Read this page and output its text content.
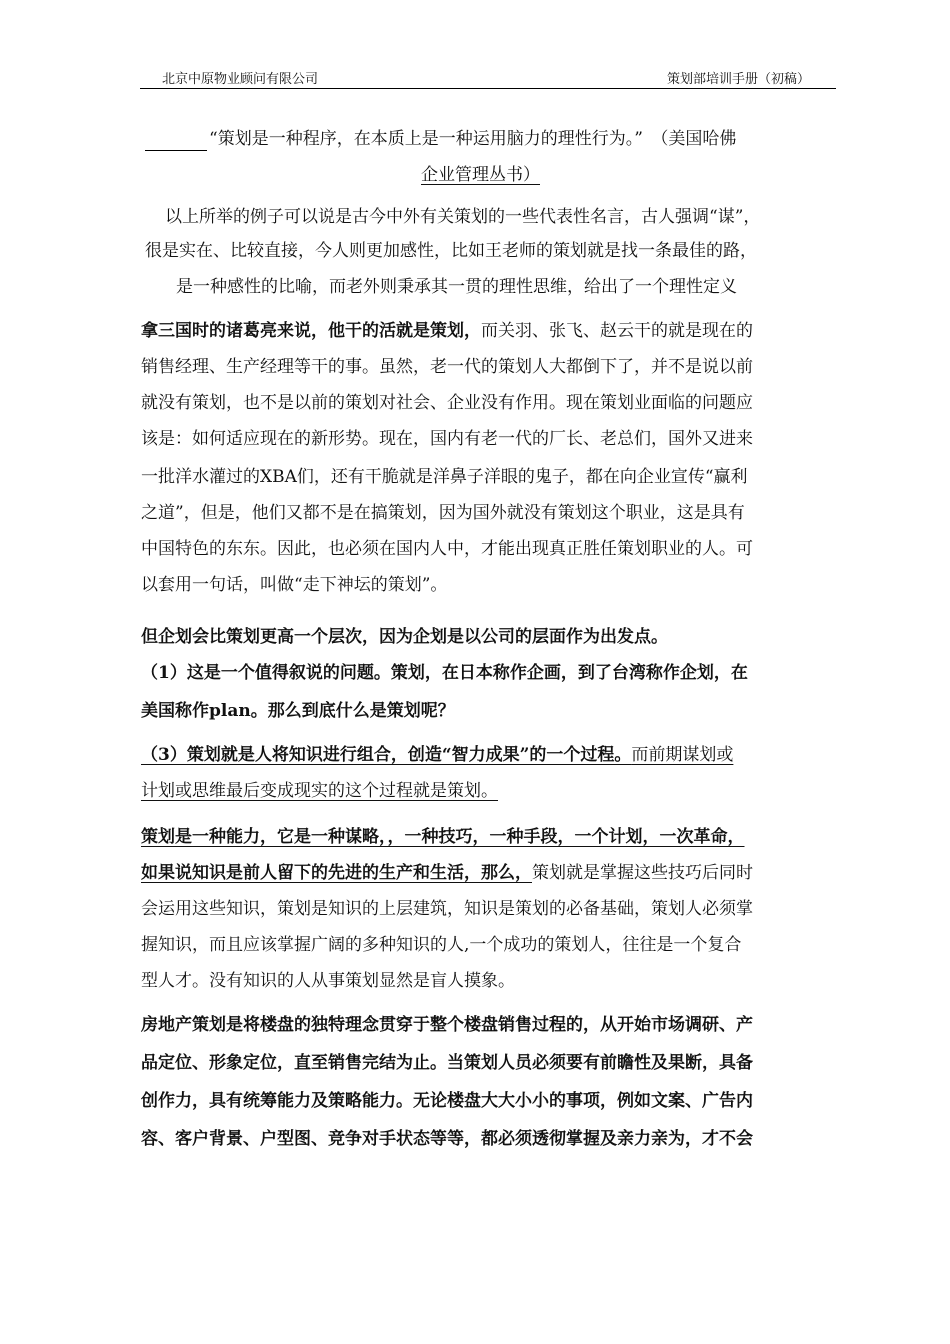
北京中原物业顾问有限公司	策划部培训手册（初稿）
“策划是一种程序，在本质上是一种运用脑力的理性行为。”　（美国哈佛
企业管理丛书）
以上所举的例子可以说是古今中外有关策划的一些代表性名言，古人强调“谋”，
很是实在、比较直接，今人则更加感性，比如王老师的策划就是找一条最佳的路，
是一种感性的比喻，而老外则秉承其一贯的理性思维，给出了一个理性定义
拿三国时的诸葛亮来说，他干的活就是策划，而关羽、张飞、赵云干的就是现在的
销售经理、生产经理等干的事。虽然，老一代的策划人大都倒下了，并不是说以前
就没有策划，也不是以前的策划对社会、企业没有作用。现在策划业面临的问题应
该是：如何适应现在的新形势。现在，国内有老一代的厂长、老总们，国外又进来
一批洋水灌过的XBA们，还有干脆就是洋鼻子洋眼的鬼子，都在向企业宣传“赢利
之道”，但是，他们又都不是在搞策划，因为国外就没有策划这个职业，这是具有
中国特色的东东。因此，也必须在国内人中，才能出现真正胜任策划职业的人。可
以套用一句话，叫做“走下神坛的策划”。
但企划会比策划更高一个层次，因为企划是以公司的层面作为出发点。
（1）这是一个值得叙说的问题。策划，在日本称作企画，到了台湾称作企划，在
美国称作plan。那么到底什么是策划呢？
（3）策划就是人将知识进行组合，创造“智力成果”的一个过程。而前期谋划或
计划或思维最后变成现实的这个过程就是策划。
策划是一种能力，它是一种谋略，，一种技巧，一种手段，一个计划，一次革命，
如果说知识是前人留下的先进的生产和生活，那么，策划就是掌握这些技巧后同时
会运用这些知识，策划是知识的上层建筑，知识是策划的必备基础，策划人必须掌
握知识，而且应该掌握广阔的多种知识的人,一个成功的策划人，往往是一个复合
型人才。没有知识的人从事策划显然是盲人摸象。
房地产策划是将楼盘的独特理念贯穿于整个楼盘销售过程的，从开始市场调研、产
品定位、形象定位，直至销售完结为止。当策划人员必须要有前瞻性及果断，具备
创作力，具有统筹能力及策略能力。无论楼盘大大小小的事项，例如文案、广告内
容、客户背景、户型图、竞争对手状态等等，都必须透彻掌握及亲力亲为，才不会
